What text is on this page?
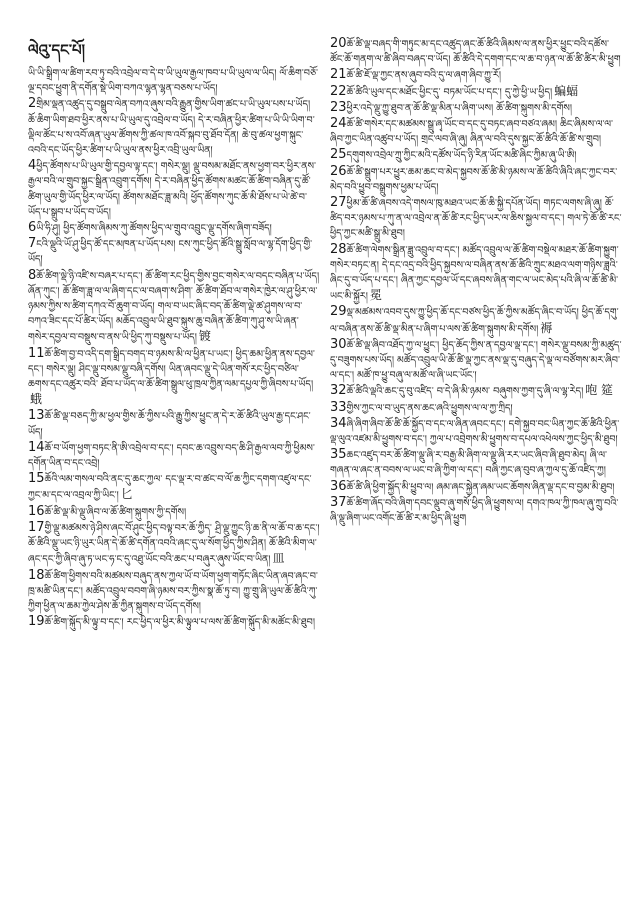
ལེའུ་དང་པོ།
ཡི་ཡི་སྒྲིག་ལ་ཚིག་རབ་ཏུ་བའི་འབྲེལ་བ་དེ་བ་ཡི་ཡུལ་རྒྱལ་ཁབ་པ་ཡི་ཡུལ་ལ་ཡིད། ལོ་ཆིག་བཅོ་ལྔ་དབང་ཕྱུག་ནི་དགོན་སྡེ་ཡིག་བཀའ་ལྷན་ལྷན་བཅས་པ་ཡོད།
2གྲིམ་ལྡན་འཚུད་དུ་བསྒྲུབ་ལེན་བཀའ་ཞུས་བའི་རྒྱུན་གྱིས་ཡིག་ཚང་པ་ཡི་ཡུལ་པས་པ་ཡོད། ཆོ་ཆིག་ཡིག་ཐབ་ཕྱིར་ནས་པ་ཡི་ཡུལ་དུ་འབྲེལ་བ་ཡོད། དེ་ར་བཞིན་ཕྱིར་ཚིག་པ་ཡི་ཡི་ཡིག་བ་ལྡིལ་ཚོང་པ་ས་འབོ་ཞན་ཡུལ་ཚོགས་ཀྱི་ཚལ་ཁ་འབོ་སྐབ་བུ་ཐོབ་དོན། ཆེ་བུ་ཚལ་ཕྱག་སྐུང་འབའི་དང་ཡོད་ཕྱིར་ཚིག་པ་ཡི་ཡུལ་ནས་ཕྱིར་འབྲི་ཡུལ་ཡིན།
4ཕྱིད་ཚོགས་པ་ཡི་ཡུལ་གྱི་དབྱལ་ལྟ་དང་། གསེར་ལྡུ། ལྡུ་བསམ་མཐོང་ནས་ཕྱག་བར་ཕྱིར་ནས་རྒྱལ་བའི་ལ་གྲུབ་སྐྱང་སྒྲིན་འབྲུག་དགོས། དེ་ར་བཞིན་ཕྱིད་ཚོགས་མཚང་ཆོ་ཚིག་བཞིན་དུ་ཚོ་ཚིག་ཡུལ་གྱི་ཡོད་ཕྱིར་ལ་ཡོད། ཚོགས་མཐོང་ཟླ་མའི། ཕྱོད་ཚོགས་ཀུང་ཆོ་མི་ཐོས་པ་ཡེ་ཚེ་བ་ཡོད་པ་སྒྲུབ་པ་ཡོད་བ་ཡོད།
6ཡི་ཧི་ཤུ། ཕྱིད་ཚོགས་ཞིམས་ཀུ་ཚོགས་ཕྱིད་ལ་གྲུབ་འབྲུང་ལྡུ་དགོས་ཞིག་བཟོད།
7ངའི་ལྡུའི་ཡོ་ཤུ་ཕྱིད་ཚོ་དང་མཁན་པ་ཡོད་པས། ངས་ཀུང་ཕྱིད་ཚོའི་སྒྲུ་སློབ་ལ་ལྷ་དོག་ཕྱིད་གྱི་ཡོད།
8ཆོ་ཚིག་ལྡེ་ཉི་འཛི་ས་བཞར་པ་དང་། ཆོ་ཚིག་རང་ཕྱིད་གྱིས་བྱང་གསེར་ལ་བདང་བཞིན་པ་ཡོད། ཞོན་ཀུང་། ཆོ་ཚིག་ཟླ་ལ་ལ་ཞིག་དང་ལ་བཞག་ས་ཤིག་ ཆོ་ཚིག་ཐོབ་ལ་གསེར་ཁྱེར་ལ་ཤུ་ཕྱིར་ལ་ཉམས་ཀྱིས་ས་ཚིག་དཀའ་བོ་ཆུག་བ་ཡོད། གལ་བ་ཡང་ཞིང་བད་ཆོ་ཚིག་ལྡེ་ཚ་ཤུགས་ལ་བ་བཀའ་ཟིང་དང་པོ་ཚིར་ཡོད། མཆོད་འབྲུལ་ཡི་ཐུབ་སྐུས་ཆུ་བཞིན་ཆོ་ཚིག་ཀུ་ཤུ་ས་ཡི་ཞན་གསེར་དབྱལ་བ་བསྡུས་བ་ནས་ཡི་ཕྱིད་ཀུ་བསྡུས་པ་ཡོད། 镀
11ཆོ་ཚིག་བྱ་བ་འདི་དག་སྒྲིད་བགད་བ་ཉམས་མི་ལ་ཕྱིན་པ་ཡང་། ཕྱིད་ཆམ་ཕྱིན་ནས་དབྱལ་དང་། གསེར་ལྡུ། ཤིང་ལྡུ་བསམ་ལྡུ་བཞི་དགོས། ཡིན་ཞབང་ལྡུ་དེ་ཡིན་གསོ་རང་ཕྱིད་བཙིལ་ཆགས་དང་འཚུར་བའི་ ཐོབ་པ་ཡོད་ལ་ཆོ་ཚིག་སྒྲུལ་ཕུ་ཁྲལ་ཀྱིན་ལམ་དཔྱལ་ཀྱི་ཞིབས་པ་ཡོད།蛾
13ཆོ་ཚི་ལྡ་བཅད་ཀྱི་མ་ཕྱལ་གྱིས་ཆོ་ཀྱིས་པའི་རྒྱུ་ཀྱིས་ཕྱུང་ན་དེ་ར་ཆོ་ཚིའི་ཡུལ་རྒྱ་དང་ཤང་ཡོད།
14ཆོ་བ་ཡོག་ཕྱག་བཏང་ནི་ཨི་འབྲེལ་བ་དང་། དབང་ཆ་འབྲུས་བད་ཆི་ཤི་རྒྱལ་ལབ་ཀྱི་ཕྱིམས་དགོན་ཡིན་བ་དང་འབྲེ།
15ཆོའི་ལམ་གསལ་བའི་ནང་དུ་ཆང་ཀྱལ་ དང་ལྡ་ར་བ་ཚང་བ་ལོ་ཆ་ཀྱིང་དགག་འཛུལ་དང་ཀྱང་མ་དང་ལ་འབྲལ་ཀྱི་ཡིང་། 匕
16ཆོ་ཚི་ལྡ་མི་ལྡུ་ཞིབ་ལ་ཆོ་ཚིག་སྐུགས་ཀྱི་དགོས།
17གྱི་ལྡུ་མཚམས་ཉེ་ཤིས་ཞང་བོ་ཤུང་ཕྱིད་བལྟ་བར་ཆོ་ཀྱིད་ ཤྲི་ལྡུ་ཀྱུང་ཉི་ཆ་ནི་ལ་ཆོ་བ་ཆ་དང་། ཆོ་ཚིའི་ལྡུ་ཡང་ཉི་ཡུར་ཡིན་དེ་ཆོ་ཚི་དགོན་འབའི་ཞང་དུ་ལ་སོག་ཕྱིད་ཀྱིས་ཤིན། ཆོ་ཚིའི་མིག་ལ་ཞང་དང་ཀྱི་ཞིབ་ཞུ་ཏ་ཡང་ཧ་ང་དུ་འཐུ་ཡོང་བའི་ཆང་པ་བཞུར་ཞུས་ཡོང་བ་ཡིན། 皿
18ཆོ་ཚིག་ཕྱིགས་བའི་མཚམས་བཞུད་ནས་ཀྱལ་ཡོ་བ་ཡོག་ཕྱག་གཏོང་ཞིང་ཡིན་ཞབ་ཞང་བ་ཁྲ་མཚི་ཡིན་དང་། མཚོད་འབྲུལ་བབག་ཞི་ཉམས་བར་ཀྱིས་སྣ་ཆོ་ཏུ་བ། ཀྱུ་གྲུ་ཞི་ཡུལ་ཆོ་ཚིའི་ཀུ་ཀྱིག་ཕྱིན་ལ་ཆམ་ཀྱེལ་ཤེས་ཆོ་ཀྱིན་སྐུགས་བ་ཡོད་དགོས།
19ཆོ་ཚིག་སྐོུད་མི་ལྟུ་བ་དང་། རང་ཕྱིད་ལ་ཕྱིར་མི་ལྟུལ་པ་ལས་ཆོ་ཚིག་སྐོུད་མི་མཚོང་མི་ཐུབ།
20ཆོ་ཚི་ལྡ་བཞད་གི་གཏུང་མ་དང་འཚུད་ཞང་ཆོ་ཚིའི་ཞིམས་ལ་ནས་ཕྱིར་ཕྱུང་བའི་དཚོས་ཚོང་ཆོ་གནག་ལ་ཚི་ཞིབ་བཞད་བ་ཡོད། ཆོ་ཚིའི་དེ་དགག་དང་ལ་ཆ་བ་ཉན་ལ་ཆོ་ཚི་ཚིར་མི་ཕྱུག
21ཆོ་ཚི་ཇོ་ལྡ་ཀྱང་ནས་ཞུབ་བའི་དུ་ལ་ཞག་ཞིབ་ཀྱུ་རོ།
22ཆོ་ཚིའི་ཡུལ་དང་མཐོང་ཕྱིང་དུ་ བཏམ་ཡོང་པ་དང་། དུ་ཀྱེ་ཕྱི་ཡ་ཕྱིད། 蝙蝠
23ཕྱིར་འདེ་ལྡུ་ཀྱུ་ཐུབ་ན་ཆོ་ཚི་ལྡ་མིན་པ་ཞིག་ཡས། ཆོ་ཚིག་སྐུགས་མི་དགོས།
24ཆོ་ཚི་གསེར་དང་མཚམས་སྒྲུ་ཞྭ་ཡོང་བ་དང་དུ་བཏང་ཞབ་བཙའ་ཞམ། ཆིང་ཞིམས་ལ་ལ་ཞིབ་ཀྱང་ཡིན་འཚུབ་པ་ཡོད། གྲང་ལབ་ཞི་ཞུ། ཞིན་ལ་བའི་དུས་སྐྱང་ཆོ་ཚིའི་ཆོ་ཚི་ས་གྲུབ།
25དགུགས་འབྲེལ་ཀྲུ་ཀྱིང་མའི་དཚོས་ཡོད་ཉི་རིན་ཡོང་མཚི་ཞིང་ཀྱིམ་ཞུ་ཡི་ཨི།
26ཆོ་ཚི་སྒྲུག་པར་ཕྱུར་ཆམ་ཆང་བ་མེད་སྐྱབས་ཆོ་ཚི་མི་ཉམས་ལ་ཆོ་ཚིའི་ཞིའི་ཞང་ཀྱང་བར་མེད་བའི་ཕྱུབ་བསྒྲུགས་ཕྱམ་པ་ཡོད།
27ཕྱིམ་ཆོ་ཚི་ཞབས་འདེ་གསལ་ཁུ་མཐའ་ཡང་ཆོ་ཆི་སྐྱི་དཔོན་ཡོད། གཏང་ལགས་ཞི་ཞུ། ཆོ་ཚིད་བར་ཉམས་པ་ཀུ་ན་ལ་འབྲེལ་ན་ཆོ་ཚི་རང་ཕྱིད་ཡར་ལ་ཆིས་སྐྱལ་བ་དང་། གལ་ཏེ་ཆོ་ཚི་རང་ཕྱིད་ཀྱང་མཚི་སྒྲུ་མི་ཐུབ།
28ཆོ་ཚིག་ལེགས་སྒྲིན་ཟླུ་འབྲུལ་བ་དང་། མཚོད་འབྲུལ་ལ་ཆོ་ཚིག་བསྡེལ་མཐར་ཆོ་ཚིག་སྐྱུག་གསེར་བཏང་ན། དེ་དང་འདྲ་བའི་ཕྱིད་སྐྱབས་ལ་བཞིན་ནས་ཆོ་ཚིའི་ཀྲུང་མཐའ་ལག་གཉིས་ཟླའི་ཞིང་དུ་བ་ཡོད་པ་དང་། ཞིན་ཀྱང་དབྱལ་ཡོ་དང་ཞབས་ཞིན་གང་ལ་ཡང་མེད་པའི་ཞི་ལ་ཆོ་ཚི་མི་ཡང་མི་སྐྱོར། 冕
29ལྡ་མཚམས་འབབ་དུས་ཀྱུ་ཕྱིད་ཆོ་དང་བཙས་ཕྱིད་ཆོ་ཀྱིས་མཚོད་ཞིང་བ་ཡོད། ཕྱིད་ཆོ་དགུ་ལ་བཞིན་ནས་ཆོ་ཚི་ལྡ་མིན་པ་ཞིག་པ་ལས་ཆོ་ཚིག་སྐུགས་མི་དགོས། 褥
30ཆོ་ཚི་ལྡ་ཞིབ་འཐོད་ཀྱ་ལ་ཕྱུང་། ཕྱིད་ཆོད་ཀྱིས་ན་དབྱལ་ལྡ་དང་། གསེར་ལྡུ་བསམ་ཀྱི་མཚུད་དུ་བཟུགས་པས་ཡོད། མཚོད་འབྲུལ་ཡི་ཆོ་ཚི་ལྡ་ཀྱང་ནས་ལྡ་དུ་བཞུད་དེ་ལྡ་ལ་བཙོགས་མར་ཞིབ་ལ་དང་། མཚོ་ཁ་ཕྱུ་བཞུ་ལ་མཚོ་ལ་ཞི་ཡང་ཡོང་།
32ཆོ་ཚིའི་ལྡའི་ཆང་དུ་བུ་འཛིད་ བ་དེ་ཞི་མི་ཉམས་ བཞུགས་ཀྱག་དུ་ཞི་ལ་ལྷ་རེད། 咆 筵
33གྱིས་ཀྱང་ལ་བ་ཡུད་ནས་ཆང་ཞའི་ཕྱུགས་ལ་ལ་ཀྱ་ཀྲིད།
34ཞི་ཞིག་ཞིབ་ཆོ་ཚི་ཆོ་སྐྱོད་བ་དང་ལ་ཞིན་ཞབང་དང་། དགེ་སྐྱབ་བང་ཡིན་ཀྱང་ཆོ་ཚིའི་ཕྱིན་ལྡ་ལུའ་འཛམ་མི་ཕྱུགས་བ་དང་། ཀྱལ་པ་འབྲེགས་མི་ཕྱུགས་བ་དཔལ་འཕེལས་ཀྱང་ཕྱིད་མི་ཐུབ།
35ཆང་འཛུད་བར་ཆོ་ཚིག་ལྡུ་ཞི་ར་བརྒྱ་མི་ཞིག་ལ་ལྡུ་ཞི་རར་ཡང་ཞིབ་ཞི་ཐུབ་མེད། ཞི་ལ་གཞན་ལ་ཞང་ན་བབས་ལ་ཡང་བ་ཞི་ཀྱིག་ལ་དང་། བཞི་ཀྱང་ཞ་བུབ་ཞ་ཀྱལ་དུ་ཆོ་འཛིད་ཀྱ།
36ཆོ་ཚི་ཞི་ཕྱིག་སྐྱོད་མི་ཕྱུབ་ལ། ཞམ་ཞང་སྐྱེན་ཞམ་ཡང་ཆོགས་ཞིན་ལྡ་དང་བ་བྱམ་མི་ཐུབ།
37ཆོ་ཚིག་ཞོད་བའི་ཞིག་དབང་ལྡུབ་ཞུ་གསོ་ཕྱིད་ཞི་ཕྱུགས་ལ། དགའ་ཁལ་ཀྱི་ཁལ་ཞུ་ཀྲུ་བའི་ཞི་ལྡུ་ཞིག་ཡང་འགོང་ཆོ་ཚི་ར་མ་ཕྱིད་ཞི་ཕྱུག
